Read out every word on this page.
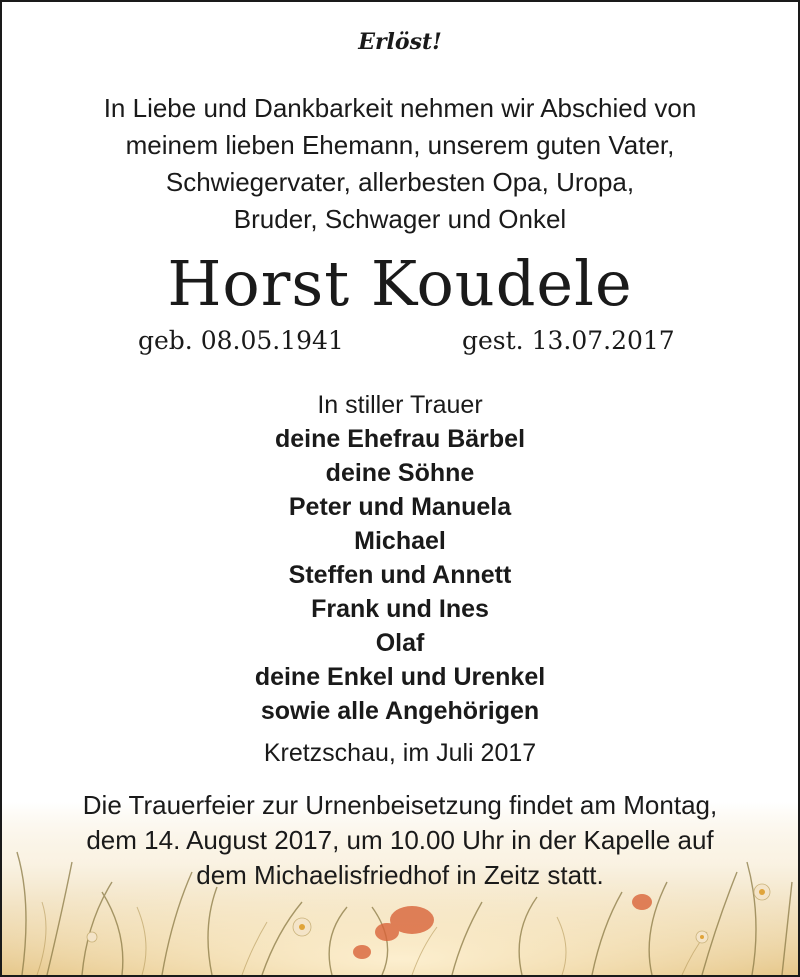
Erlöst!
In Liebe und Dankbarkeit nehmen wir Abschied von
meinem lieben Ehemann, unserem guten Vater,
Schwiegervater, allerbesten Opa, Uropa,
Bruder, Schwager und Onkel
Horst Koudele
geb. 08.05.1941	gest. 13.07.2017
In stiller Trauer
deine Ehefrau Bärbel
deine Söhne
Peter und Manuela
Michael
Steffen und Annett
Frank und Ines
Olaf
deine Enkel und Urenkel
sowie alle Angehörigen
Kretzschau, im Juli 2017
Die Trauerfeier zur Urnenbeisetzung findet am Montag,
dem 14. August 2017, um 10.00 Uhr in der Kapelle auf
dem Michaelisfriedhof in Zeitz statt.
